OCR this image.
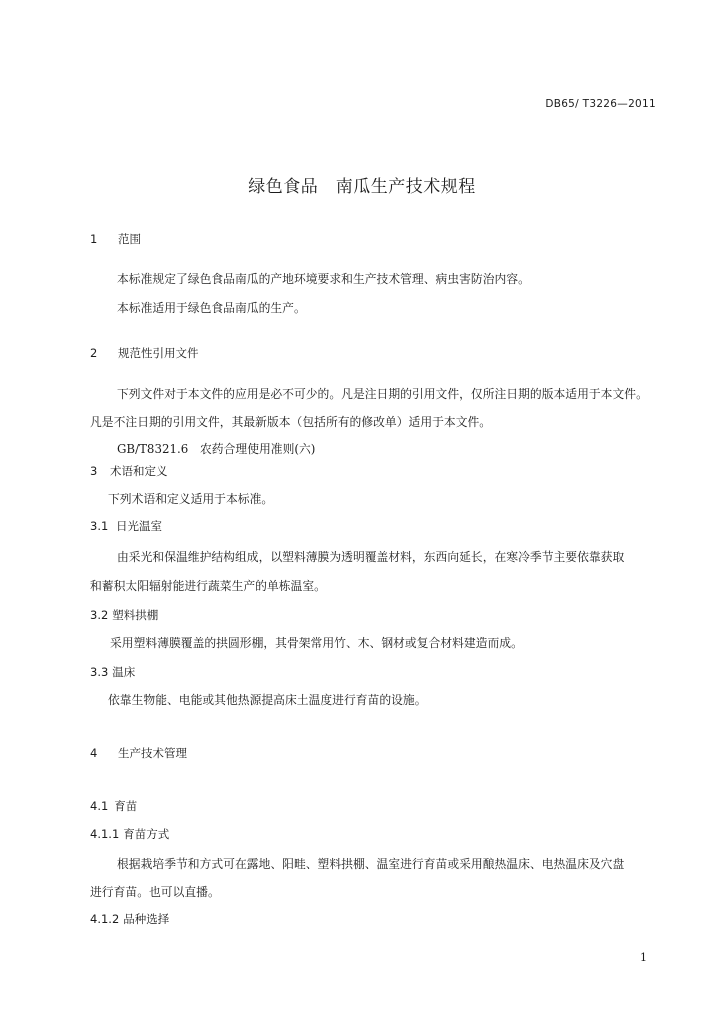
DB65/ T3226—2011
绿色食品　南瓜生产技术规程
1 范围
本标准规定了绿色食品南瓜的产地环境要求和生产技术管理、病虫害防治内容。
本标准适用于绿色食品南瓜的生产。
2 规范性引用文件
下列文件对于本文件的应用是必不可少的。凡是注日期的引用文件，仅所注日期的版本适用于本文件。
凡是不注日期的引用文件，其最新版本（包括所有的修改单）适用于本文件。
GB/T8321.6　农药合理使用准则(六)
3 术语和定义
下列术语和定义适用于本标准。
3.1 日光温室
由采光和保温维护结构组成，以塑料薄膜为透明覆盖材料，东西向延长，在寒冷季节主要依靠获取
和蓄积太阳辐射能进行蔬菜生产的单栋温室。
3.2 塑料拱棚
采用塑料薄膜覆盖的拱圆形棚，其骨架常用竹、木、钢材或复合材料建造而成。
3.3 温床
依靠生物能、电能或其他热源提高床土温度进行育苗的设施。
4 生产技术管理
4.1 育苗
4.1.1 育苗方式
根据栽培季节和方式可在露地、阳畦、塑料拱棚、温室进行育苗或采用酿热温床、电热温床及穴盘
进行育苗。也可以直播。
4.1.2 品种选择
1
